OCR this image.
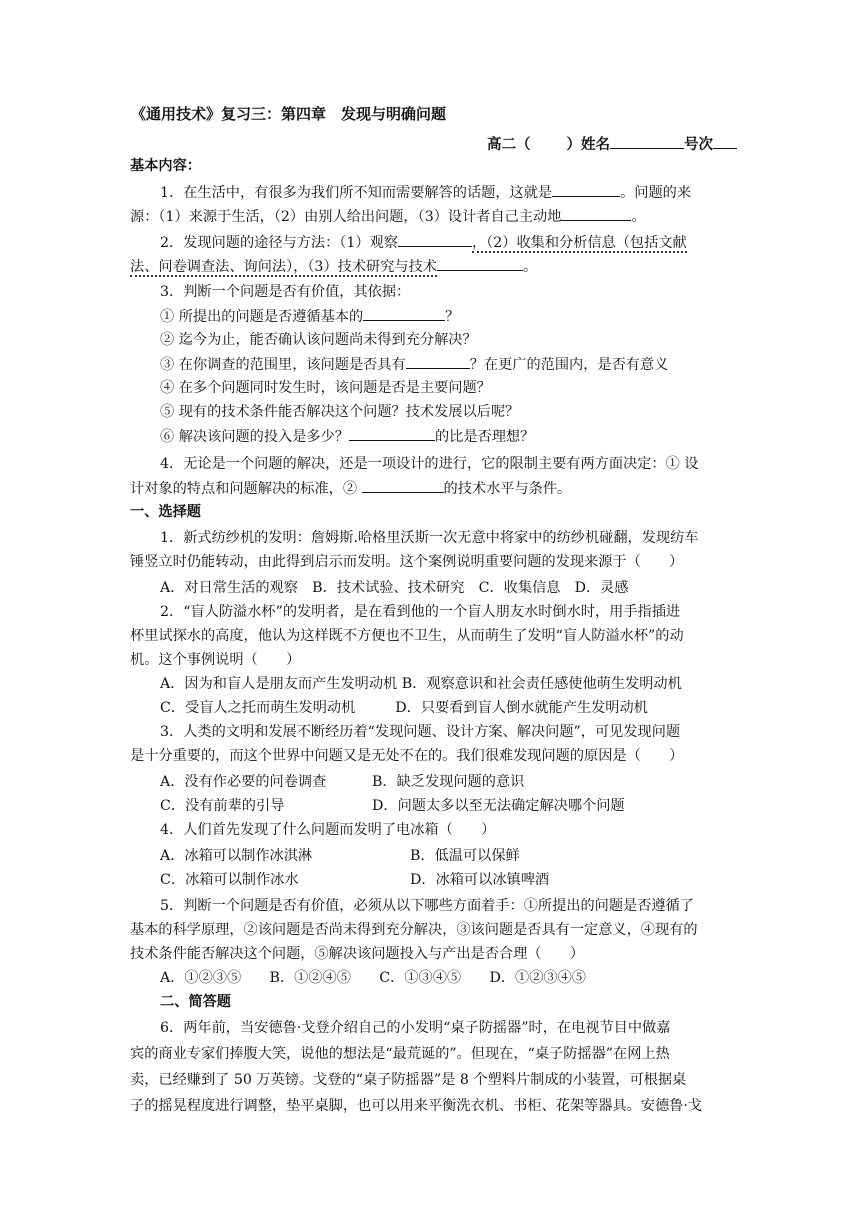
《通用技术》复习三：第四章　发现与明确问题
高二（ ）姓名	号次
基本内容：
1．在生活中，有很多为我们所不知而需要解答的话题，这就是	。问题的来
源：（1）来源于生活，（2）由别人给出问题，（3）设计者自己主动地	。
2．发现问题的途径与方法：（1）观察	，（2）收集和分析信息（包括文献
法、问卷调查法、询问法），（3）技术研究与技术	。
3．判断一个问题是否有价值，其依据：
① 所提出的问题是否遵循基本的	？
② 迄今为止，能否确认该问题尚未得到充分解决？
③ 在你调查的范围里，该问题是否具有	？在更广的范围内，是否有意义
④ 在多个问题同时发生时，该问题是否是主要问题？
⑤ 现有的技术条件能否解决这个问题？技术发展以后呢？
⑥ 解决该问题的投入是多少？	的比是否理想？
4．无论是一个问题的解决，还是一项设计的进行，它的限制主要有两方面决定：① 设
计对象的特点和问题解决的标准，②	的技术水平与条件。
一、选择题
1．新式纺纱机的发明：詹姆斯.哈格里沃斯一次无意中将家中的纺纱机碰翻，发现纺车
锤竖立时仍能转动，由此得到启示而发明。这个案例说明重要问题的发现来源于（　　）
A．对日常生活的观察　B．技术试验、技术研究　C．收集信息　D．灵感
2．“盲人防溢水杯”的发明者，是在看到他的一个盲人朋友水时倒水时，用手指插进
杯里试探水的高度，他认为这样既不方便也不卫生，从而萌生了发明“盲人防溢水杯”的动
机。这个事例说明（　　）
A．因为和盲人是朋友而产生发明动机 B．观察意识和社会责任感使他萌生发明动机
C．受盲人之托而萌生发明动机	D．只要看到盲人倒水就能产生发明动机
3．人类的文明和发展不断经历着“发现问题、设计方案、解决问题”，可见发现问题
是十分重要的，而这个世界中问题又是无处不在的。我们很难发现问题的原因是（　　）
A．没有作必要的问卷调查	B．缺乏发现问题的意识
C．没有前辈的引导	D．问题太多以至无法确定解决哪个问题
4．人们首先发现了什么问题而发明了电冰箱（　　）
A．冰箱可以制作冰淇淋	B．低温可以保鲜
C．冰箱可以制作冰水	D．冰箱可以冰镇啤酒
5．判断一个问题是否有价值，必须从以下哪些方面着手：①所提出的问题是否遵循了
基本的科学原理，②该问题是否尚未得到充分解决，③该问题是否具有一定意义，④现有的
技术条件能否解决这个问题，⑤解决该问题投入与产出是否合理（　　）
A．①②③⑤　　B．①②④⑤　　C．①③④⑤　　D．①②③④⑤
二、简答题
6．两年前，当安德鲁·戈登介绍自己的小发明“桌子防摇器”时，在电视节目中做嘉
宾的商业专家们捧腹大笑，说他的想法是“最荒诞的”。但现在，“桌子防摇器”在网上热
卖，已经赚到了 50 万英镑。戈登的“桌子防摇器”是 8 个塑料片制成的小装置，可根据桌
子的摇晃程度进行调整，垫平桌脚，也可以用来平衡洗衣机、书柜、花架等器具。安德鲁·戈
